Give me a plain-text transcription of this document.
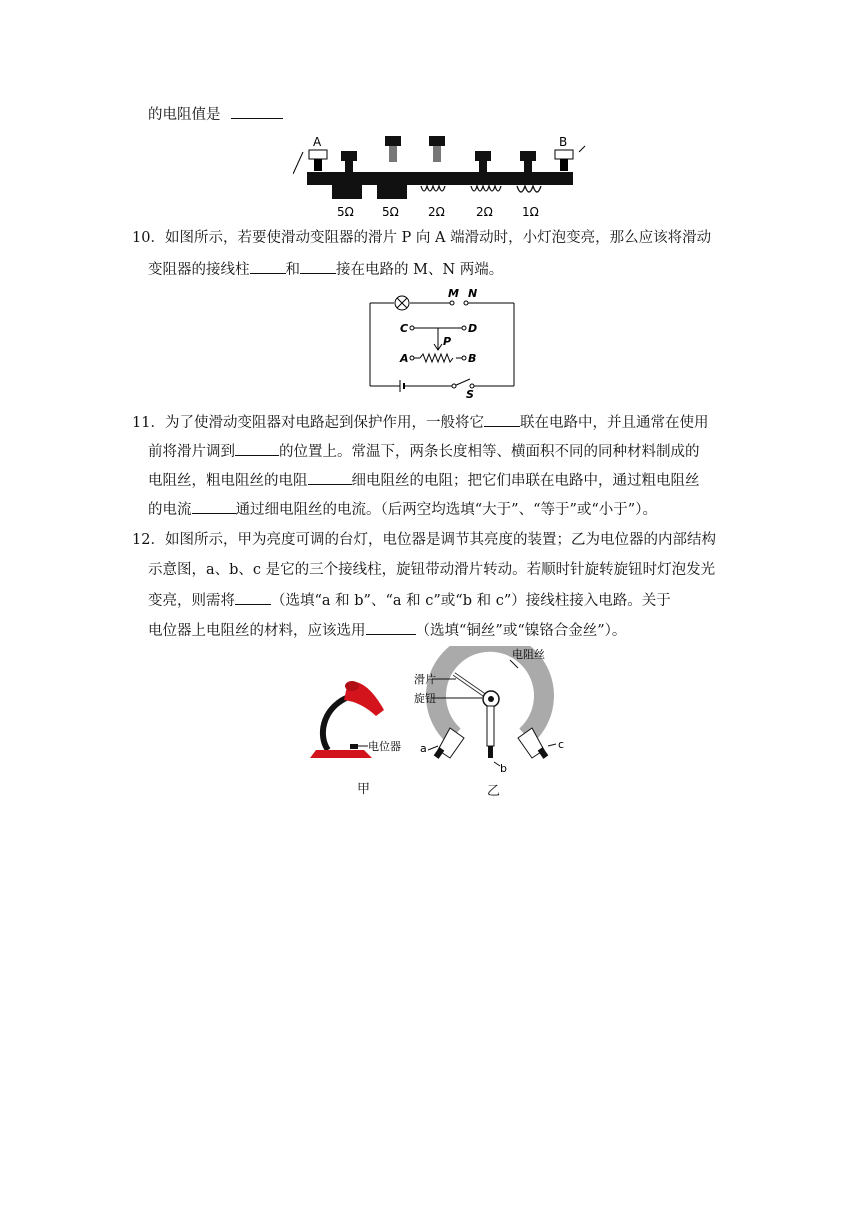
的电阻值是
A	B
5Ω 5Ω 2Ω	2Ω 1Ω
10．如图所示，若要使滑动变阻器的滑片 P 向 A 端滑动时，小灯泡变亮，那么应该将滑动
变阻器的接线柱 和 接在电路的 M、N 两端。
M N
C	D
P
A	B
S
11．为了使滑动变阻器对电路起到保护作用，一般将它 联在电路中，并且通常在使用
前将滑片调到	的位置上。常温下，两条长度相等、横面积不同的同种材料制成的
电阻丝，粗电阻丝的电阻	细电阻丝的电阻；把它们串联在电路中，通过粗电阻丝
的电流	通过细电阻丝的电流。（后两空均选填“大于”、“等于”或“小于”）。
12．如图所示，甲为亮度可调的台灯，电位器是调节其亮度的装置；乙为电位器的内部结构
示意图，a、b、c 是它的三个接线柱，旋钮带动滑片转动。若顺时针旋转旋钮时灯泡发光
变亮，则需将 （选填“a 和 b”、“a 和 c”或“b 和 c”）接线柱接入电路。关于
电位器上电阻丝的材料，应该选用	（选填“铜丝”或“镍铬合金丝”）。
电位器
电阻丝
滑片
旋钮
a
b
c
甲	乙
